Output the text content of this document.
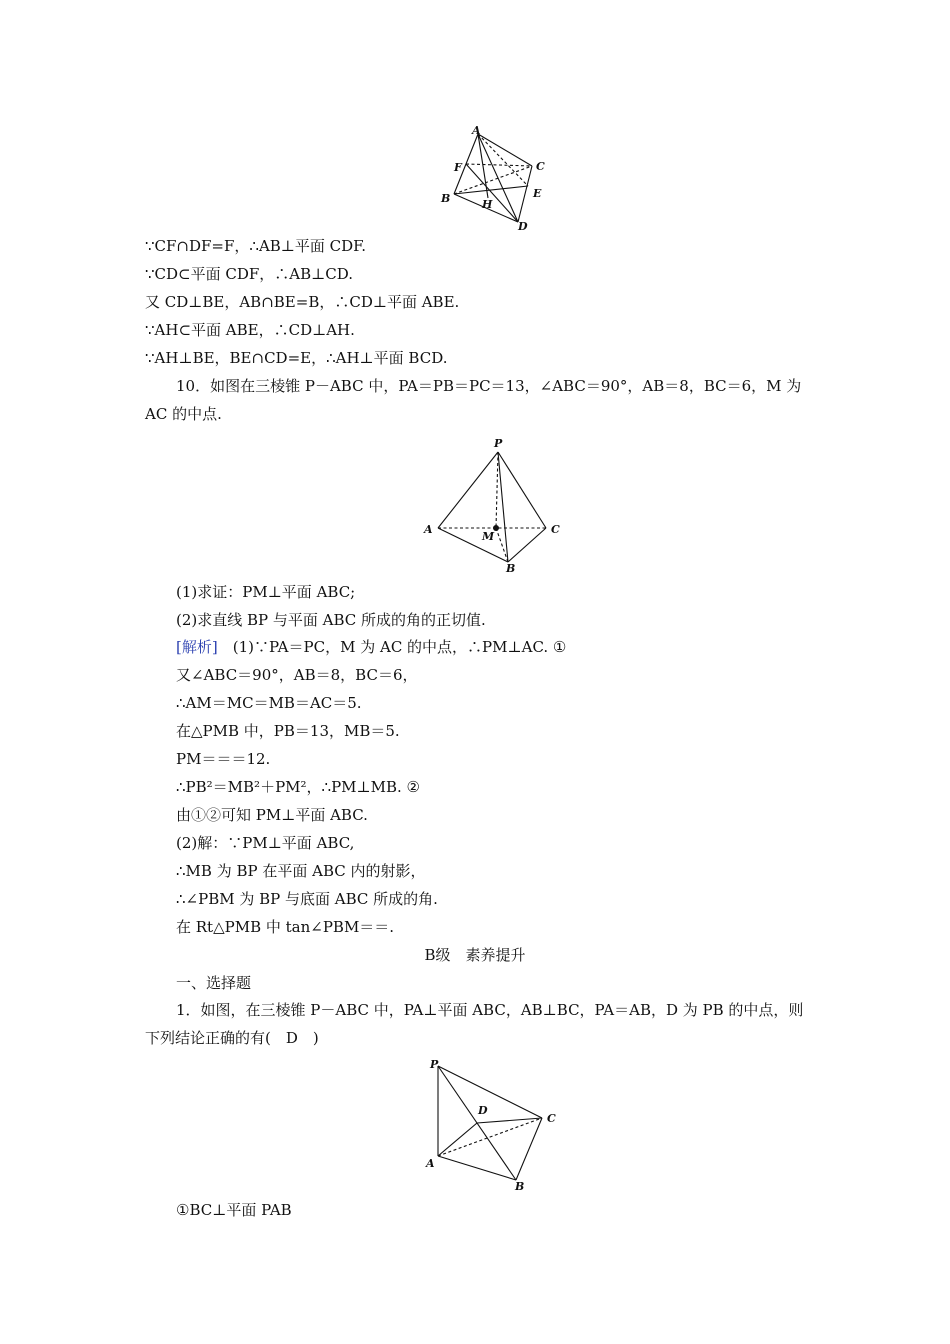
A
F	C
E
B	H
D
∵CF∩DF=F，∴AB⊥平面 CDF.
∵CD⊂平面 CDF，∴AB⊥CD.
又 CD⊥BE，AB∩BE=B，∴CD⊥平面 ABE.
∵AH⊂平面 ABE，∴CD⊥AH.
∵AH⊥BE，BE∩CD=E，∴AH⊥平面 BCD.
10．如图在三棱锥 P－ABC 中，PA＝PB＝PC＝13，∠ABC＝90°，AB＝8，BC＝6，M 为
AC 的中点.
P
A
M
C
B
(1)求证：PM⊥平面 ABC;
(2)求直线 BP 与平面 ABC 所成的角的正切值.
[解析]　(1)∵PA＝PC，M 为 AC 的中点，∴PM⊥AC. ①
又∠ABC＝90°，AB＝8，BC＝6，
∴AM＝MC＝MB＝AC＝5.
在△PMB 中，PB＝13，MB＝5.
PM＝＝＝12.
∴PB²＝MB²＋PM²，∴PM⊥MB. ②
由①②可知 PM⊥平面 ABC.
(2)解：∵PM⊥平面 ABC,
∴MB 为 BP 在平面 ABC 内的射影，
∴∠PBM 为 BP 与底面 ABC 所成的角.
在 Rt△PMB 中 tan∠PBM＝＝.
B级　素养提升
一、选择题
1．如图，在三棱锥 P－ABC 中，PA⊥平面 ABC，AB⊥BC，PA＝AB，D 为 PB 的中点，则
下列结论正确的有(　D　)
P
D
C
A
B
①BC⊥平面 PAB
